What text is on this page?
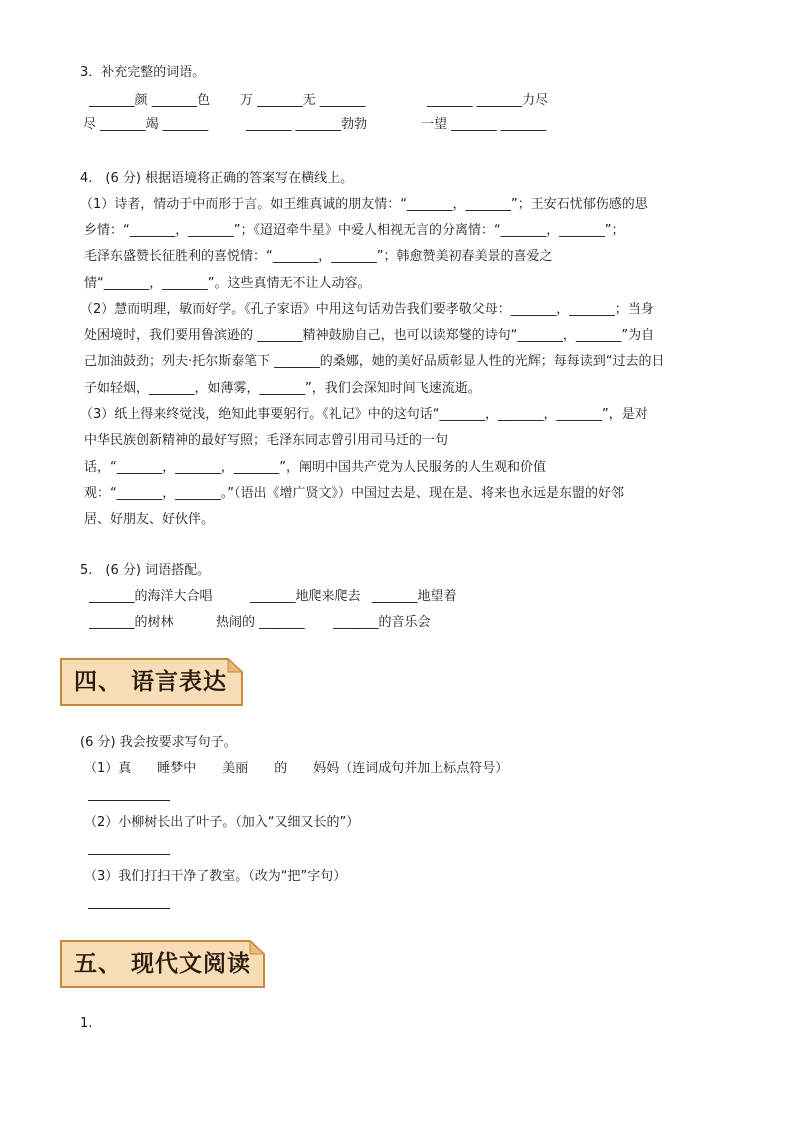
3．补充完整的词语。
_______颜 _______色 万 _______无 _______	_______ _______力尽
尽 _______竭 _______	_______ _______勃勃	一望 _______ _______
4.　(6 分) 根据语境将正确的答案写在横线上。
（1）诗者，情动于中而形于言。如王维真诚的朋友情：“_______，_______”；王安石忧郁伤感的思
乡情：“_______，_______”；《迢迢牵牛星》中爱人相视无言的分离情：“_______，_______”；
毛泽东盛赞长征胜利的喜悦情：“_______，_______”；韩愈赞美初春美景的喜爱之
情“_______，_______”。这些真情无不让人动容。
（2）慧而明理，敏而好学。《孔子家语》中用这句话劝告我们要孝敬父母：_______，_______；当身
处困境时，我们要用鲁滨逊的 _______精神鼓励自己，也可以读郑燮的诗句“_______，_______”为自
己加油鼓劲；列夫·托尔斯泰笔下 _______的桑娜，她的美好品质彰显人性的光辉；每每读到“过去的日
子如轻烟，_______，如薄雾，_______”，我们会深知时间飞速流逝。
（3）纸上得来终觉浅，绝知此事要躬行。《礼记》中的这句话“_______，_______，_______”，是对
中华民族创新精神的最好写照；毛泽东同志曾引用司马迁的一句
话，“_______，_______，_______”，阐明中国共产党为人民服务的人生观和价值
观：“_______，_______。”（语出《增广贤文》）中国过去是、现在是、将来也永远是东盟的好邻
居、好朋友、好伙伴。
5.　(6 分) 词语搭配。
_______的海洋大合唱	_______地爬来爬去 _______地望着
_______的树林	热闹的 _______ _______的音乐会
四、 语言表达
(6 分) 我会按要求写句子。
（1）真　　睡梦中　　美丽　　的　　妈妈（连词成句并加上标点符号）
（2）小柳树长出了叶子。（加入“又细又长的”）
（3）我们打扫干净了教室。（改为“把”字句）
五、 现代文阅读
1.
